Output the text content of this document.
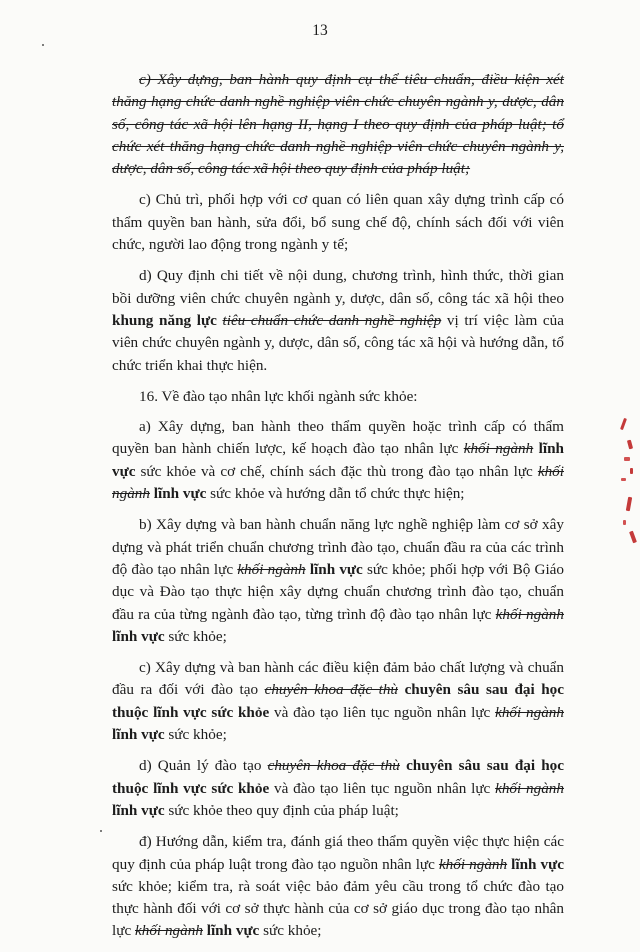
13

c) Xây dựng, ban hành quy định cụ thể tiêu chuẩn, điều kiện xét thăng hạng chức danh nghề nghiệp viên chức chuyên ngành y, dược, dân số, công tác xã hội lên hạng II, hạng I theo quy định của pháp luật; tổ chức xét thăng hạng chức danh nghề nghiệp viên chức chuyên ngành y, dược, dân số, công tác xã hội theo quy định của pháp luật;

c) Chủ trì, phối hợp với cơ quan có liên quan xây dựng trình cấp có thẩm quyền ban hành, sửa đổi, bổ sung chế độ, chính sách đối với viên chức, người lao động trong ngành y tế;

d) Quy định chi tiết về nội dung, chương trình, hình thức, thời gian bồi dưỡng viên chức chuyên ngành y, dược, dân số, công tác xã hội theo khung năng lực tiêu chuẩn chức danh nghề nghiệp vị trí việc làm của viên chức chuyên ngành y, dược, dân số, công tác xã hội và hướng dẫn, tổ chức triển khai thực hiện.

16. Về đào tạo nhân lực khối ngành sức khỏe:

a) Xây dựng, ban hành theo thẩm quyền hoặc trình cấp có thẩm quyền ban hành chiến lược, kế hoạch đào tạo nhân lực khối ngành lĩnh vực sức khỏe và cơ chế, chính sách đặc thù trong đào tạo nhân lực khối ngành lĩnh vực sức khỏe và hướng dẫn tổ chức thực hiện;

b) Xây dựng và ban hành chuẩn năng lực nghề nghiệp làm cơ sở xây dựng và phát triển chuẩn chương trình đào tạo, chuẩn đầu ra của các trình độ đào tạo nhân lực khối ngành lĩnh vực sức khỏe; phối hợp với Bộ Giáo dục và Đào tạo thực hiện xây dựng chuẩn chương trình đào tạo, chuẩn đầu ra của từng ngành đào tạo, từng trình độ đào tạo nhân lực khối ngành lĩnh vực sức khỏe;

c) Xây dựng và ban hành các điều kiện đảm bảo chất lượng và chuẩn đầu ra đối với đào tạo chuyên khoa đặc thù chuyên sâu sau đại học thuộc lĩnh vực sức khỏe và đào tạo liên tục nguồn nhân lực khối ngành lĩnh vực sức khỏe;

d) Quản lý đào tạo chuyên khoa đặc thù chuyên sâu sau đại học thuộc lĩnh vực sức khỏe và đào tạo liên tục nguồn nhân lực khối ngành lĩnh vực sức khỏe theo quy định của pháp luật;

đ) Hướng dẫn, kiểm tra, đánh giá theo thẩm quyền việc thực hiện các quy định của pháp luật trong đào tạo nguồn nhân lực khối ngành lĩnh vực sức khỏe; kiểm tra, rà soát việc bảo đảm yêu cầu trong tổ chức đào tạo thực hành đối với cơ sở thực hành của cơ sở giáo dục trong đào tạo nhân lực khối ngành lĩnh vực sức khỏe;
